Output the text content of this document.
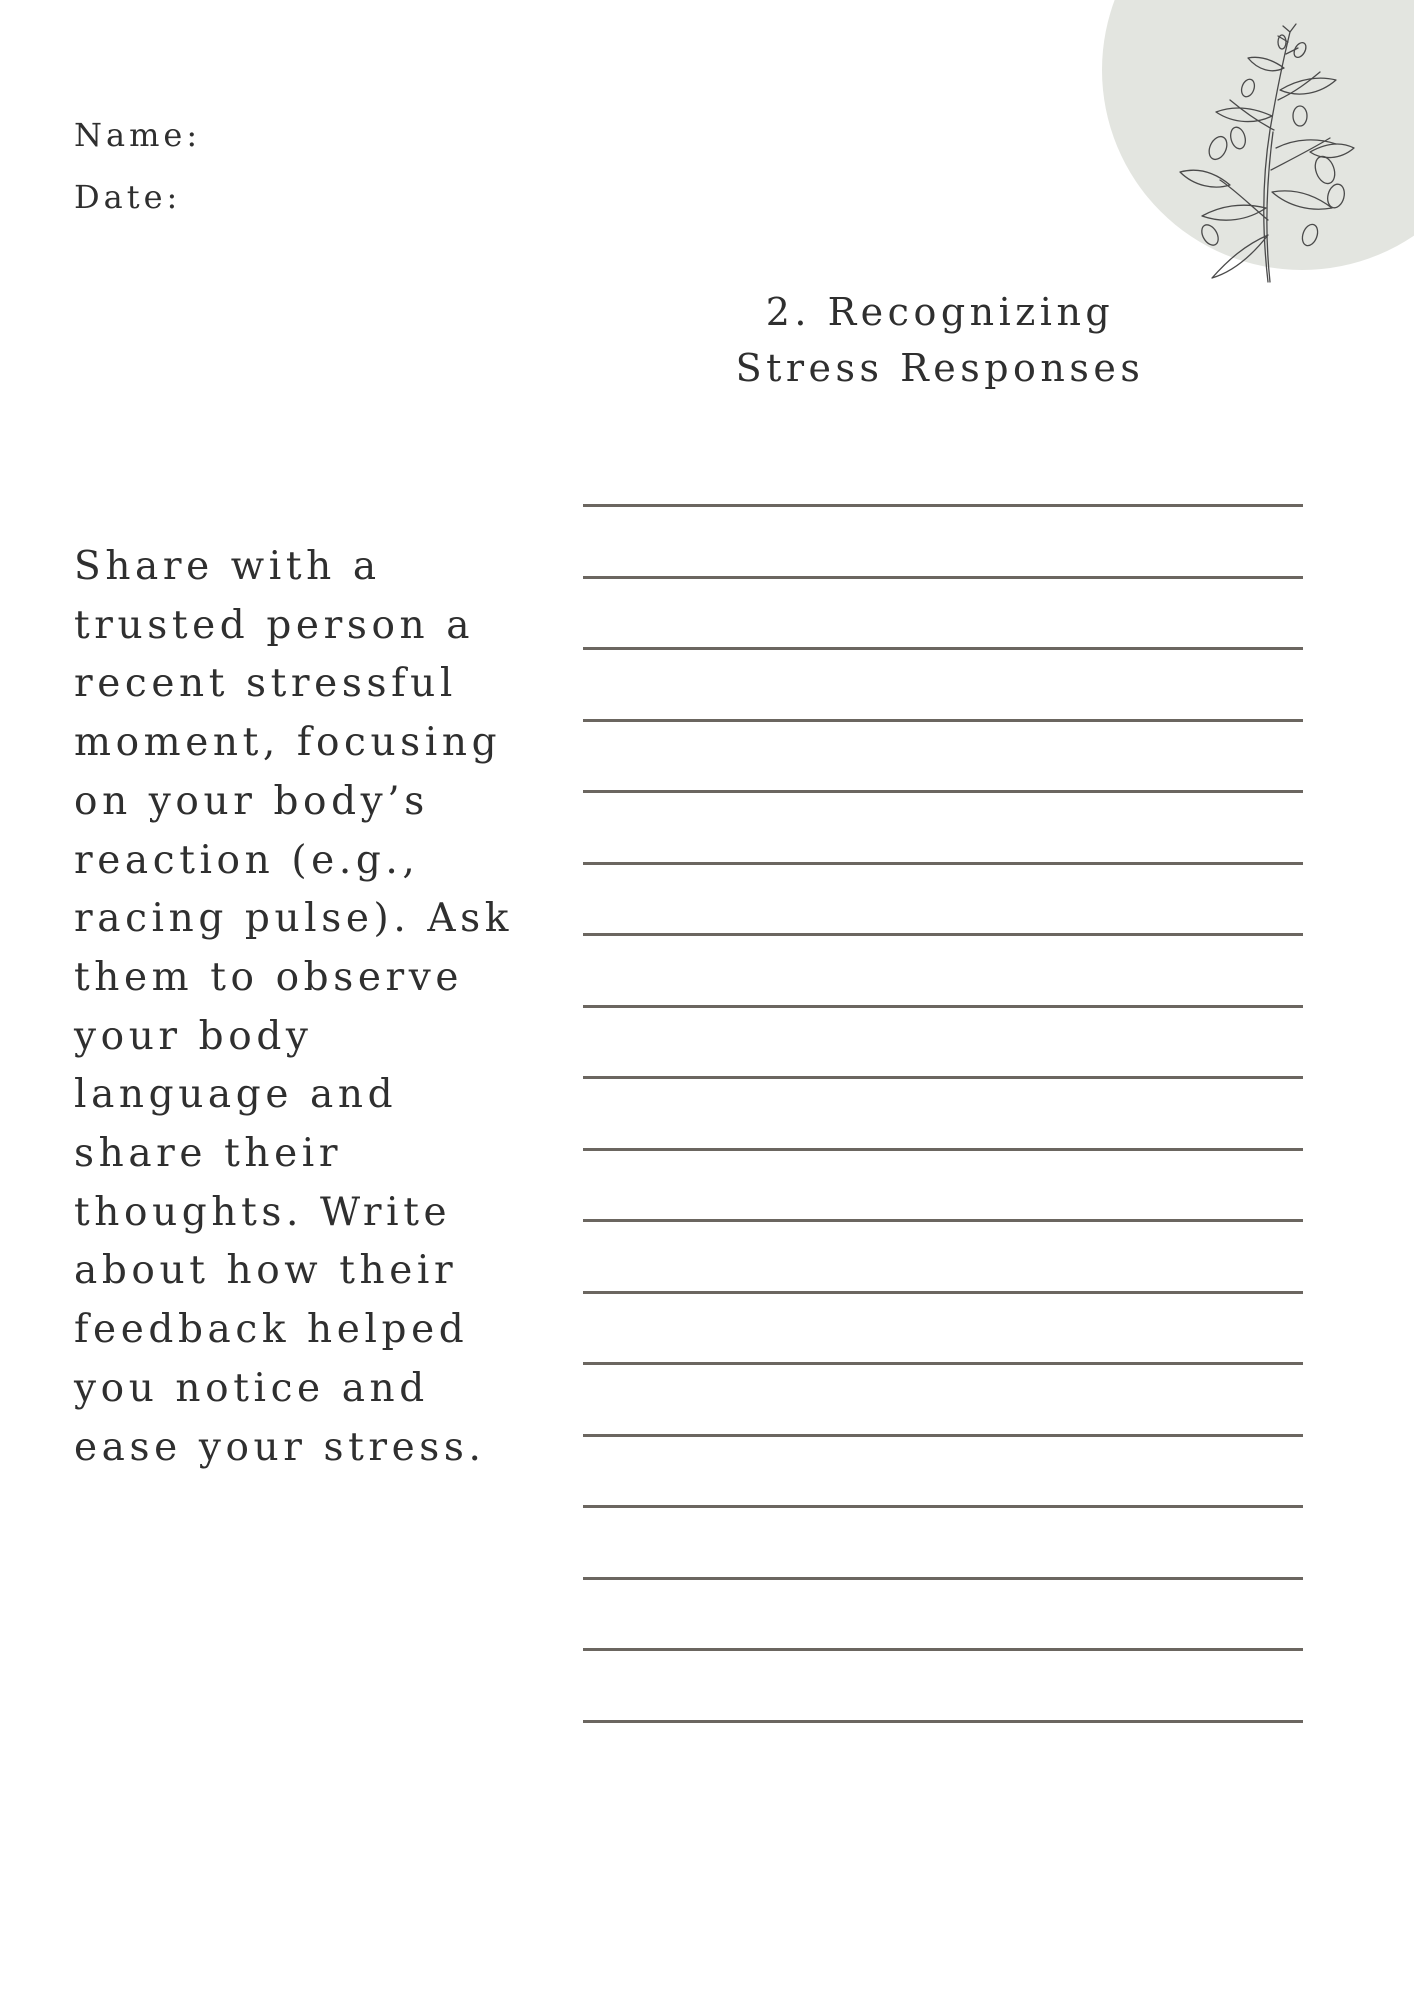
Name:
Date:
2. Recognizing
Stress Responses
Share with a
trusted person a
recent stressful
moment, focusing
on your body’s
reaction (e.g.,
racing pulse). Ask
them to observe
your body
language and
share their
thoughts. Write
about how their
feedback helped
you notice and
ease your stress.
